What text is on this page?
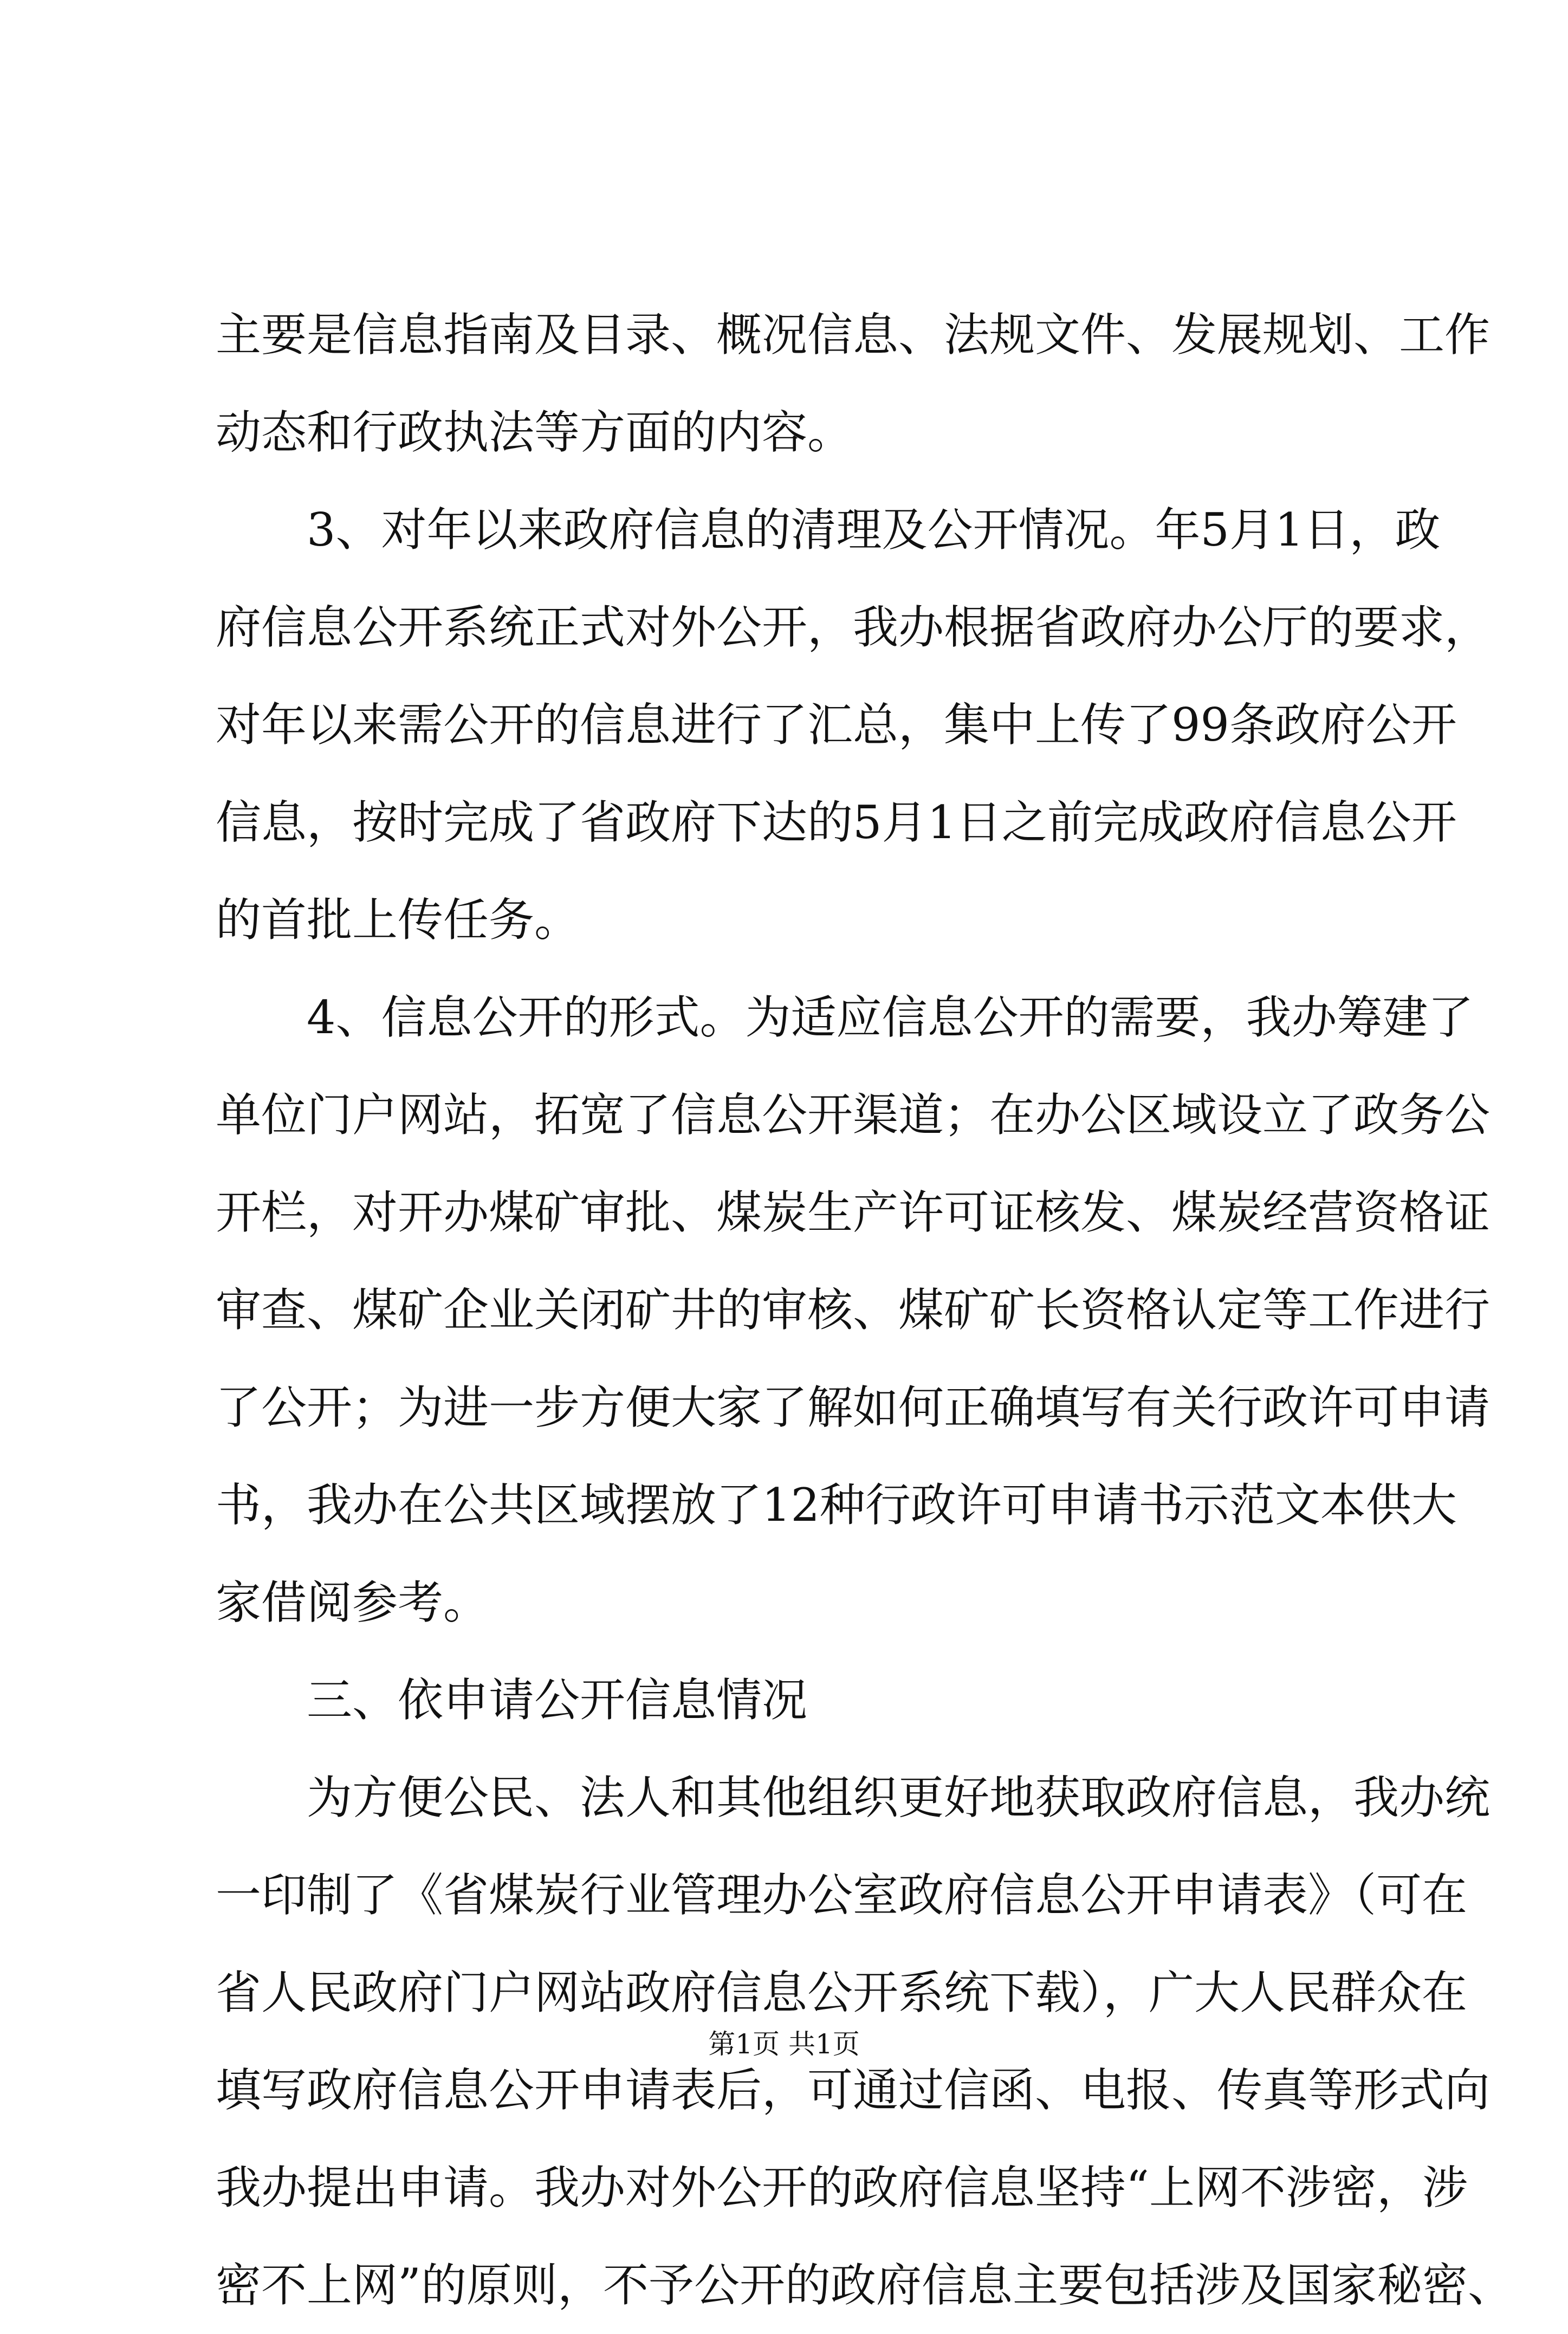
主要是信息指南及目录、概况信息、法规文件、发展规划、工作
动态和行政执法等方面的内容。
3、对年以来政府信息的清理及公开情况。年5月1日，政
府信息公开系统正式对外公开，我办根据省政府办公厅的要求，
对年以来需公开的信息进行了汇总，集中上传了99条政府公开
信息，按时完成了省政府下达的5月1日之前完成政府信息公开
的首批上传任务。
4、信息公开的形式。为适应信息公开的需要，我办筹建了
单位门户网站，拓宽了信息公开渠道；在办公区域设立了政务公
开栏，对开办煤矿审批、煤炭生产许可证核发、煤炭经营资格证
审查、煤矿企业关闭矿井的审核、煤矿矿长资格认定等工作进行
了公开；为进一步方便大家了解如何正确填写有关行政许可申请
书，我办在公共区域摆放了12种行政许可申请书示范文本供大
家借阅参考。
三、依申请公开信息情况
为方便公民、法人和其他组织更好地获取政府信息，我办统
一印制了《省煤炭行业管理办公室政府信息公开申请表》（可在
省人民政府门户网站政府信息公开系统下载），广大人民群众在
填写政府信息公开申请表后，可通过信函、电报、传真等形式向
我办提出申请。我办对外公开的政府信息坚持“上网不涉密，涉
密不上网”的原则，不予公开的政府信息主要包括涉及国家秘密、
第1页 共1页
